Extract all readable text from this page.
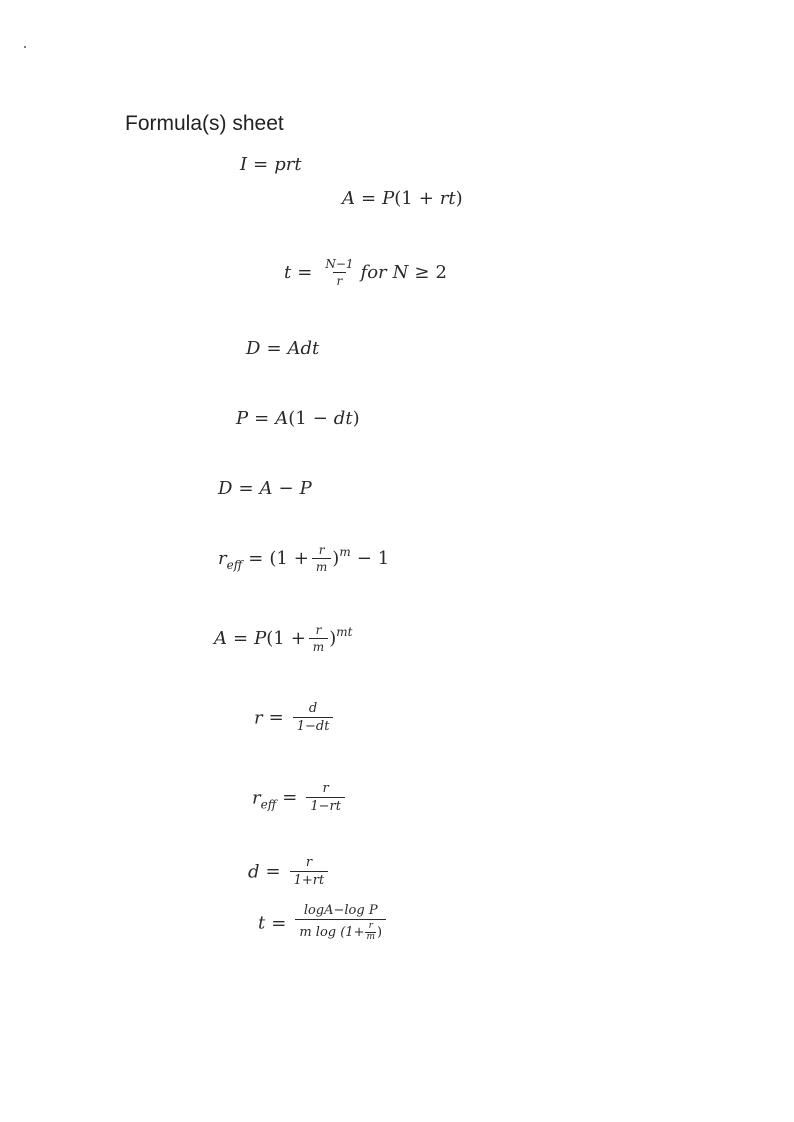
Formula(s) sheet
I = prt
A = P(1 + rt)
$t = \frac{N-1}{r}$ for N ≥ 2
D = Adt
P = A(1 − dt)
D = A − P
$r_{eff} = (1 + \frac{r}{m} )^m - 1$
$A = P(1 + \frac{r}{m} )^{mt}$
$r = \frac{d}{1-dt}$
$r_{eff} = \frac{r}{1-rt}$
$d = \frac{r}{1+rt}$
$t = \frac{\text{logA−log P}}{m \log (1+ \frac{r}{m} )}$
